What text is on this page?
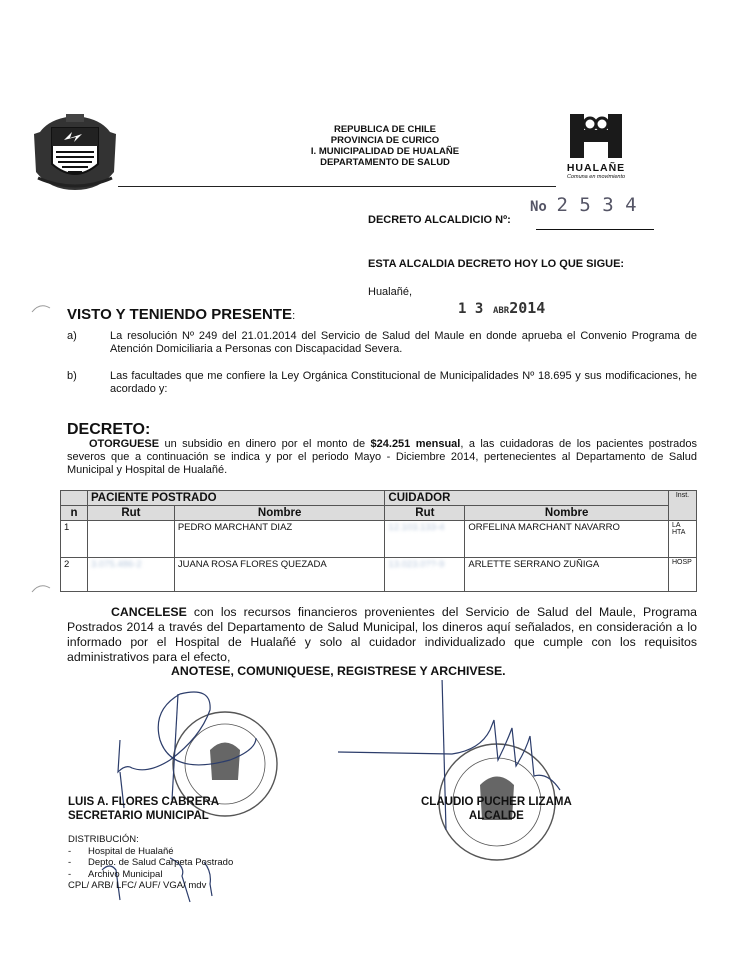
REPUBLICA DE CHILE
PROVINCIA DE CURICO
I. MUNICIPALIDAD DE HUALAÑE
DEPARTAMENTO DE SALUD	HUALAÑE
Comuna en movimiento
DECRETO ALCALDICIO Nº:
No 2 5 3 4
ESTA ALCALDIA DECRETO HOY LO QUE SIGUE:
Hualañé,
1 3 ABR2014
VISTO Y TENIENDO PRESENTE:
a)	La resolución Nº 249 del 21.01.2014 del Servicio de Salud del Maule en donde aprueba el Convenio Programa de Atención Domiciliaria a Personas con Discapacidad Severa.
b)	Las facultades que me confiere la Ley Orgánica Constitucional de Municipalidades Nº 18.695 y sus modificaciones, he acordado y:
DECRETO:
OTORGUESE un subsidio en dinero por el monto de $24.251 mensual, a las cuidadoras de los pacientes postrados severos que a continuación se indica y por el periodo Mayo - Diciembre 2014, pertenecientes al Departamento de Salud Municipal y Hospital de Hualañé.
	PACIENTE POSTRADO		CUIDADOR		Inst.
n	Rut	Nombre	Rut	Nombre	
1		PEDRO MARCHANT DIAZ	12.103.133-4	ORFELINA MARCHANT NAVARRO	LA HTA
2	3.075.486-2	JUANA ROSA FLORES QUEZADA	13.023.0??-9	ARLETTE SERRANO ZUÑIGA	HOSP
CANCELESE con los recursos financieros provenientes del Servicio de Salud del Maule, Programa Postrados 2014 a través del Departamento de Salud Municipal, los dineros aquí señalados, en consideración a lo informado por el Hospital de Hualañé y solo al cuidador individualizado que cumple con los requisitos administrativos para el efecto,
ANOTESE, COMUNIQUESE, REGISTRESE Y ARCHIVESE.
LUIS A. FLORES CABRERA
SECRETARIO MUNICIPAL
CLAUDIO PUCHER LIZAMA
ALCALDE
DISTRIBUCIÓN:
- Hospital de Hualañé
- Depto. de Salud Carpeta Postrado
- Archivo Municipal
CPL/ ARB/ LFC/ AUF/ VGA/ mdv
